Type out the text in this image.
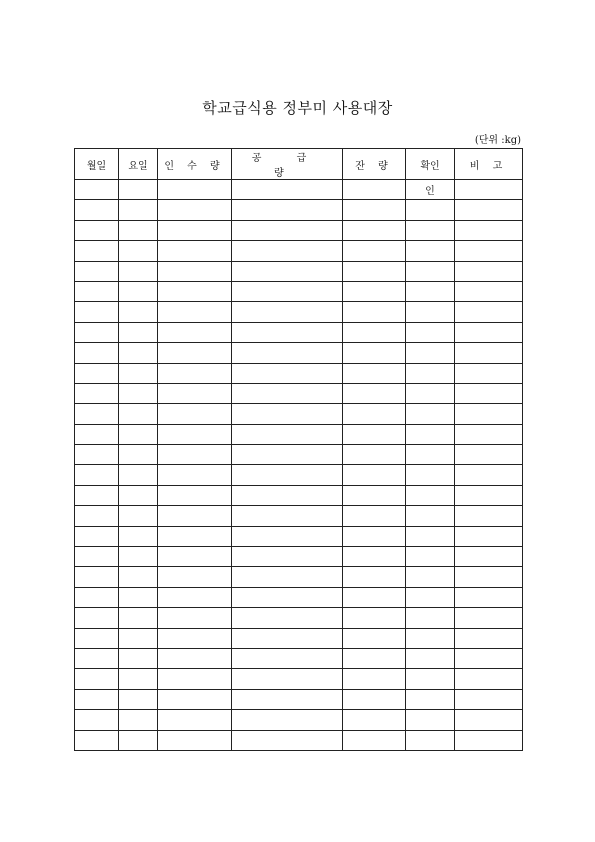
학교급식용 정부미 사용대장
(단위 :kg)
월일	요일	인 수 량	공 급 량	잔 량	확인	비 고
					인	
